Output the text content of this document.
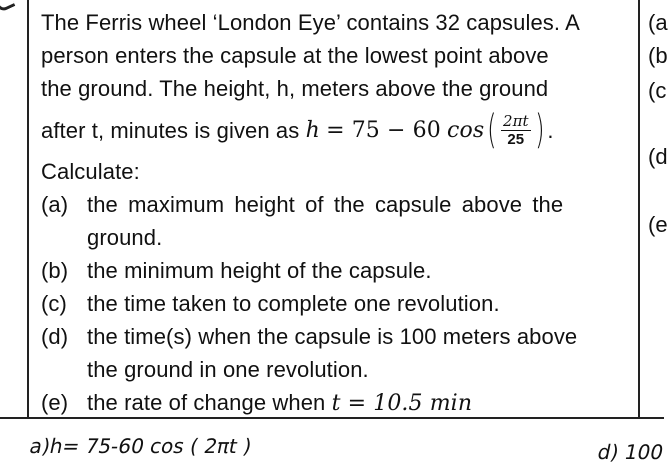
The Ferris wheel ‘London Eye’ contains 32 capsules. A
person enters the capsule at the lowest point above
the ground. The height, h, meters above the ground
after t, minutes is given as
h
= 75 − 60
cos ( $\frac{2\pi t}{25}$ ) .
Calculate:
(a) the maximum height of the capsule above the
ground.
(b) the minimum height of the capsule.
(c) the time taken to complete one revolution.
(d) the time(s) when the capsule is 100 meters above
the ground in one revolution.
(e) the rate of change when t = 10.5 min
(a
(b
(c
(d
(e
a)h= 75-60 cos ( 2πt )	d) 100
